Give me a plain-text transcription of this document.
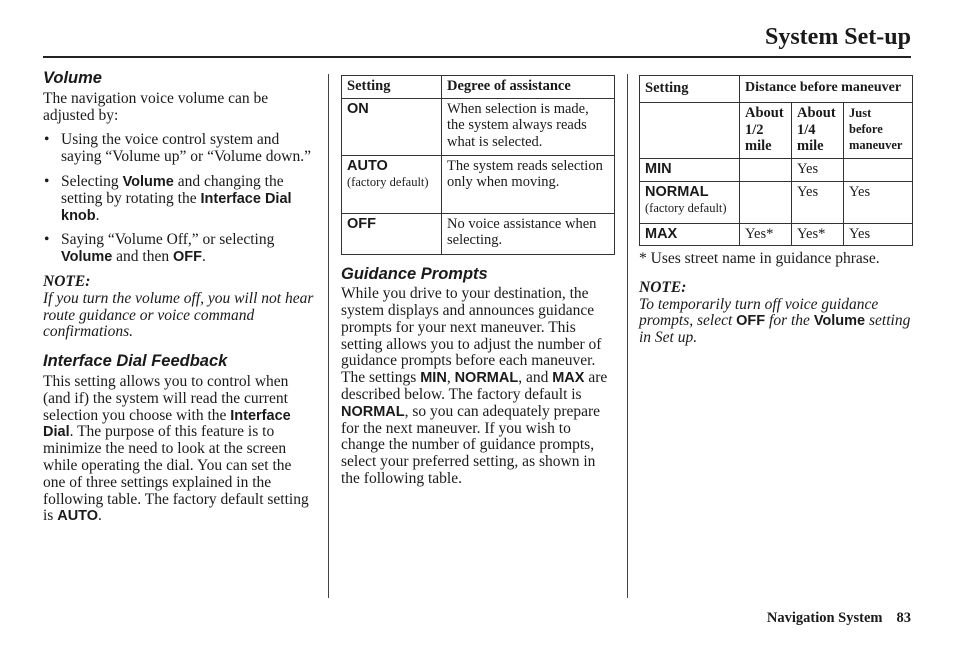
System Set-up
Volume

The navigation voice volume can be adjusted by:

• Using the voice control system and saying “Volume up” or “Volume down.”
• Selecting Volume and changing the setting by rotating the Interface Dial knob.
• Saying “Volume Off,” or selecting Volume and then OFF.
NOTE:

If you turn the volume off, you will not hear route guidance or voice command confirmations.

Interface Dial Feedback

This setting allows you to control when (and if) the system will read the current selection you choose with the Interface Dial. The purpose of this feature is to minimize the need to look at the screen while operating the dial. You can set the one of three settings explained in the following table. The factory default setting is AUTO.

Setting	Degree of assistance
ON	When selection is made, the system always reads what is selected.

AUTO
(factory default)	The system reads selection only when moving.
OFF	No voice assistance when selecting.
Guidance Prompts

While you drive to your destination, the system displays and announces guidance prompts for your next maneuver. This setting allows you to adjust the number of guidance prompts before each maneuver. The settings MIN, NORMAL, and MAX are described below. The factory default is NORMAL, so you can adequately prepare for the next maneuver. If you wish to change the number of guidance prompts, select your preferred setting, as shown in the following table.

Setting	Distance before maneuver		
	About 1/2 mile	About 1/4 mile	Just before maneuver
MIN		Yes	

NORMAL
(factory default)		Yes	Yes
MAX	Yes*	Yes*	Yes

* Uses street name in guidance phrase.

NOTE:

To temporarily turn off voice guidance prompts, select OFF for the Volume setting in Set up.

Navigation System 83
